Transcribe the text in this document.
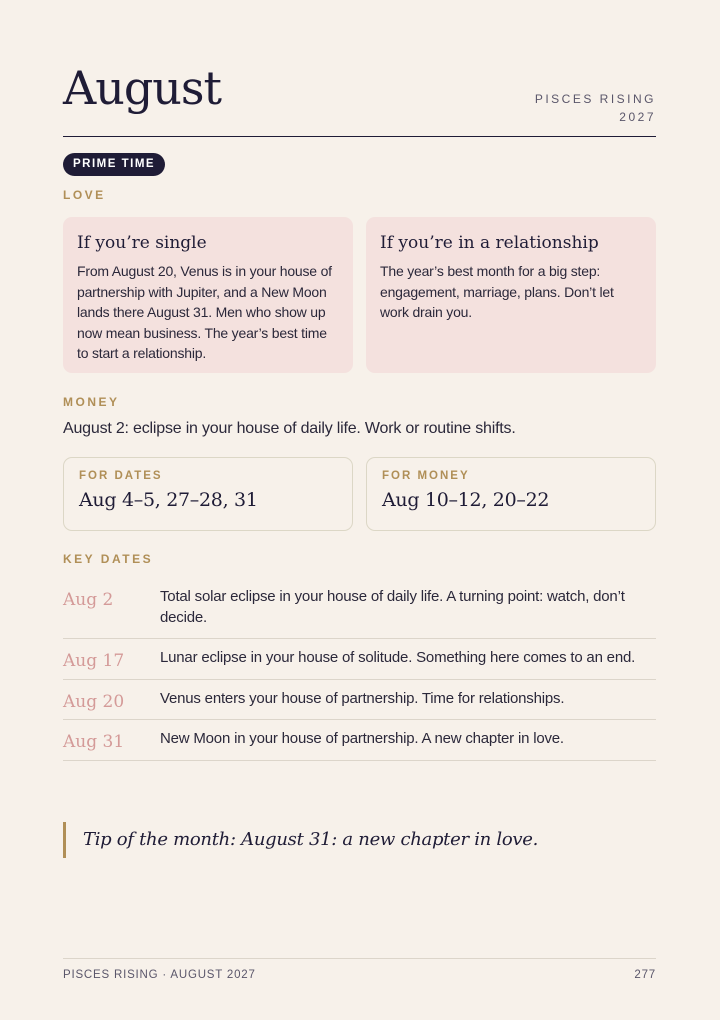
August	PISCES RISING
2027
PRIME TIME
LOVE
If you’re single

From August 20, Venus is in your house of partnership with Jupiter, and a New Moon lands there August 31. Men who show up now mean business. The year’s best time to start a relationship.

If you’re in a relationship

The year’s best month for a big step: engagement, marriage, plans. Don’t let work drain you.

MONEY
August 2: eclipse in your house of daily life. Work or routine shifts.
FOR DATES
Aug 4–5, 27–28, 31
FOR MONEY
Aug 10–12, 20–22
KEY DATES
Aug 2	Total solar eclipse in your house of daily life. A turning point: watch, don’t decide.
Aug 17 Lunar eclipse in your house of solitude. Something here comes to an end.
Aug 20 Venus enters your house of partnership. Time for relationships.
Aug 31 New Moon in your house of partnership. A new chapter in love.
Tip of the month: August 31: a new chapter in love.
PISCES RISING · AUGUST 2027	277
